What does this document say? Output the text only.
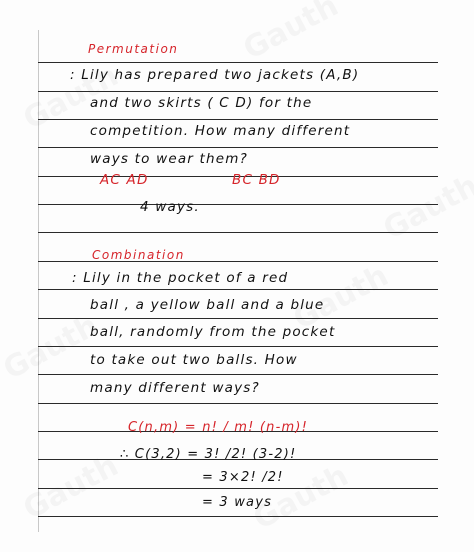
Permutation
: Lily has prepared two jackets (A,B)
and two skirts ( C D) for the
competition. How many different
ways to wear them?
AC AD	BC BD
4 ways.
Combination
: Lily in the pocket of a red
ball , a yellow ball and a blue
ball, randomly from the pocket
to take out two balls. How
many different ways?
C(n,m) = n! / m! (n-m)!
∴ C(3,2) = 3! /2! (3-2)!
= 3×2! /2!
= 3 ways
